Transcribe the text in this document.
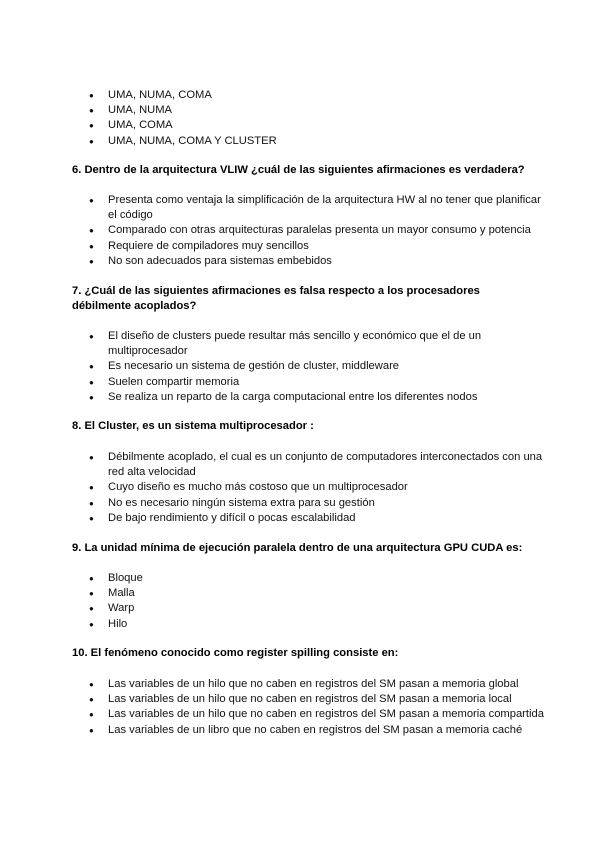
● UMA, NUMA, COMA
● UMA, NUMA
● UMA, COMA
● UMA, NUMA, COMA Y CLUSTER
6. Dentro de la arquitectura VLIW ¿cuál de las siguientes afirmaciones es verdadera?
● Presenta como ventaja la simplificación de la arquitectura HW al no tener que planificar el código
● Comparado con otras arquitecturas paralelas presenta un mayor consumo y potencia
● Requiere de compiladores muy sencillos
● No son adecuados para sistemas embebidos
7. ¿Cuál de las siguientes afirmaciones es falsa respecto a los procesadores débilmente acoplados?
● El diseño de clusters puede resultar más sencillo y económico que el de un multiprocesador
● Es necesario un sistema de gestión de cluster, middleware
● Suelen compartir memoria
● Se realiza un reparto de la carga computacional entre los diferentes nodos
8. El Cluster, es un sistema multiprocesador :
● Débilmente acoplado, el cual es un conjunto de computadores interconectados con una red alta velocidad
● Cuyo diseño es mucho más costoso que un multiprocesador
● No es necesario ningún sistema extra para su gestión
● De bajo rendimiento y difícil o pocas escalabilidad
9. La unidad mínima de ejecución paralela dentro de una arquitectura GPU CUDA es:
● Bloque
● Malla
● Warp
● Hilo
10. El fenómeno conocido como register spilling consiste en:
● Las variables de un hilo que no caben en registros del SM pasan a memoria global
● Las variables de un hilo que no caben en registros del SM pasan a memoria local
● Las variables de un hilo que no caben en registros del SM pasan a memoria compartida
● Las variables de un libro que no caben en registros del SM pasan a memoria caché
